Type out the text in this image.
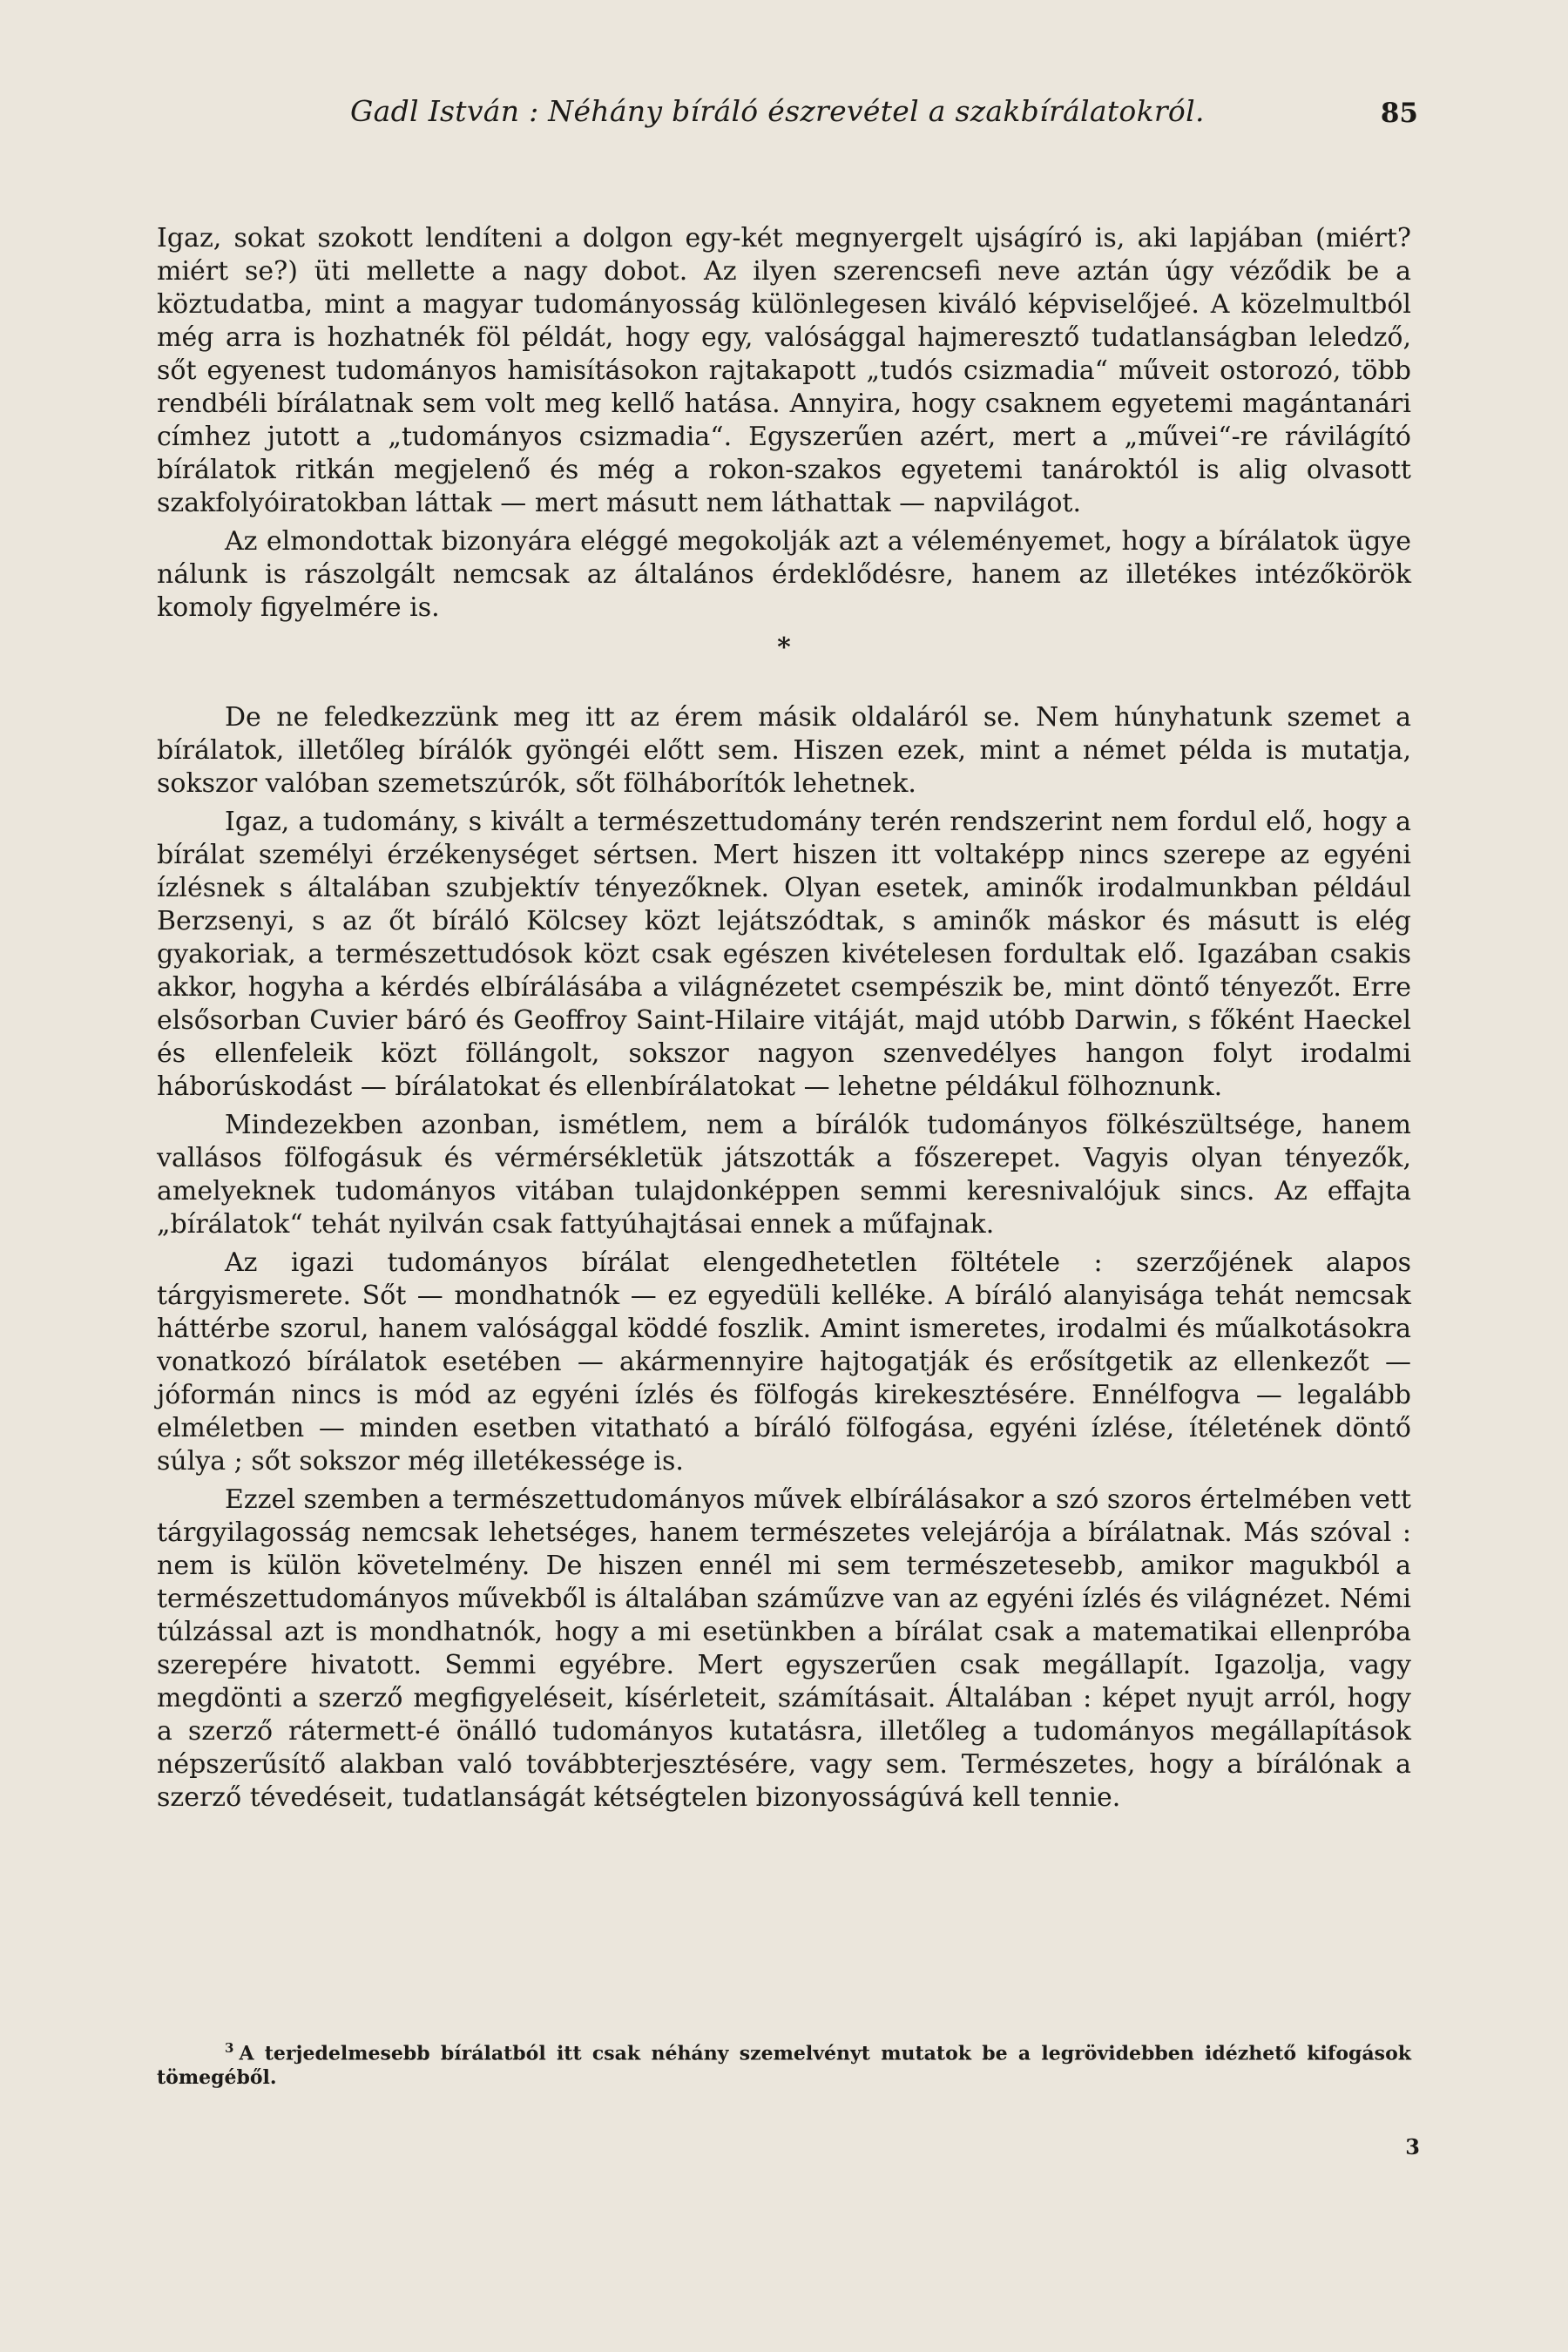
Gadl István : Néhány bíráló észrevétel a szakbírálatokról.	85

Igaz, sokat szokott lendíteni a dolgon egy-két megnyergelt ujságíró is, aki lapjában (miért? miért se?) üti mellette a nagy dobot. Az ilyen szerencsefi neve aztán úgy véződik be a köztudatba, mint a magyar tudományosság különlegesen kiváló képviselőjeé. A közelmultból még arra is hozhatnék föl példát, hogy egy, valósággal hajmeresztő tudatlanságban leledző, sőt egyenest tudományos hamisításokon rajtakapott „tudós csizmadia“ műveit ostorozó, több rendbéli bírálatnak sem volt meg kellő hatása. Annyira, hogy csaknem egyetemi magántanári címhez jutott a „tudományos csizmadia“. Egyszerűen azért, mert a „művei“-re rávilágító bírálatok ritkán megjelenő és még a rokon-szakos egyetemi tanároktól is alig olvasott szakfolyóiratokban láttak — mert másutt nem láthattak — napvilágot.

Az elmondottak bizonyára eléggé megokolják azt a véleményemet, hogy a bírálatok ügye nálunk is rászolgált nemcsak az általános érdeklődésre, hanem az illetékes intézőkörök komoly figyelmére is.

*

De ne feledkezzünk meg itt az érem másik oldaláról se. Nem húnyhatunk szemet a bírálatok, illetőleg bírálók gyöngéi előtt sem. Hiszen ezek, mint a német példa is mutatja, sokszor valóban szemetszúrók, sőt fölháborítók lehetnek.

Igaz, a tudomány, s kivált a természettudomány terén rendszerint nem fordul elő, hogy a bírálat személyi érzékenységet sértsen. Mert hiszen itt voltaképp nincs szerepe az egyéni ízlésnek s általában szubjektív tényezőknek. Olyan esetek, aminők irodalmunkban például Berzsenyi, s az őt bíráló Kölcsey közt lejátszódtak, s aminők máskor és másutt is elég gyakoriak, a természettudósok közt csak egészen kivételesen fordultak elő. Igazában csakis akkor, hogyha a kérdés elbírálásába a világnézetet csempészik be, mint döntő tényezőt. Erre elsősorban Cuvier báró és Geoffroy Saint-Hilaire vitáját, majd utóbb Darwin, s főként Haeckel és ellenfeleik közt föllángolt, sokszor nagyon szenvedélyes hangon folyt irodalmi háborúskodást — bírálatokat és ellenbírálatokat — lehetne példákul fölhoznunk.

Mindezekben azonban, ismétlem, nem a bírálók tudományos fölkészültsége, hanem vallásos fölfogásuk és vérmérsékletük játszották a főszerepet. Vagyis olyan tényezők, amelyeknek tudományos vitában tulajdonképpen semmi keresnivalójuk sincs. Az effajta „bírálatok“ tehát nyilván csak fattyúhajtásai ennek a műfajnak.

Az igazi tudományos bírálat elengedhetetlen föltétele : szerzőjének alapos tárgyismerete. Sőt — mondhatnók — ez egyedüli kelléke. A bíráló alanyisága tehát nemcsak háttérbe szorul, hanem valósággal köddé foszlik. Amint ismeretes, irodalmi és műalkotásokra vonatkozó bírálatok esetében — akármennyire hajtogatják és erősítgetik az ellenkezőt — jóformán nincs is mód az egyéni ízlés és fölfogás kirekesztésére. Ennélfogva — legalább elméletben — minden esetben vitatható a bíráló fölfogása, egyéni ízlése, ítéletének döntő súlya ; sőt sokszor még illetékessége is.

Ezzel szemben a természettudományos művek elbírálásakor a szó szoros értelmében vett tárgyilagosság nemcsak lehetséges, hanem természetes velejárója a bírálatnak. Más szóval : nem is külön követelmény. De hiszen ennél mi sem természetesebb, amikor magukból a természettudományos művekből is általában száműzve van az egyéni ízlés és világnézet. Némi túlzással azt is mondhatnók, hogy a mi esetünkben a bírálat csak a matematikai ellenpróba szerepére hivatott. Semmi egyébre. Mert egyszerűen csak megállapít. Igazolja, vagy megdönti a szerző megfigyeléseit, kísérleteit, számításait. Általában : képet nyujt arról, hogy a szerző rátermett-é önálló tudományos kutatásra, illetőleg a tudományos megállapítások népszerűsítő alakban való továbbterjesztésére, vagy sem. Természetes, hogy a bírálónak a szerző tévedéseit, tudatlanságát kétségtelen bizonyosságúvá kell tennie.

$^3$ A terjedelmesebb bírálatból itt csak néhány szemelvényt mutatok be a legrövidebben idézhető kifogások tömegéből.
3
